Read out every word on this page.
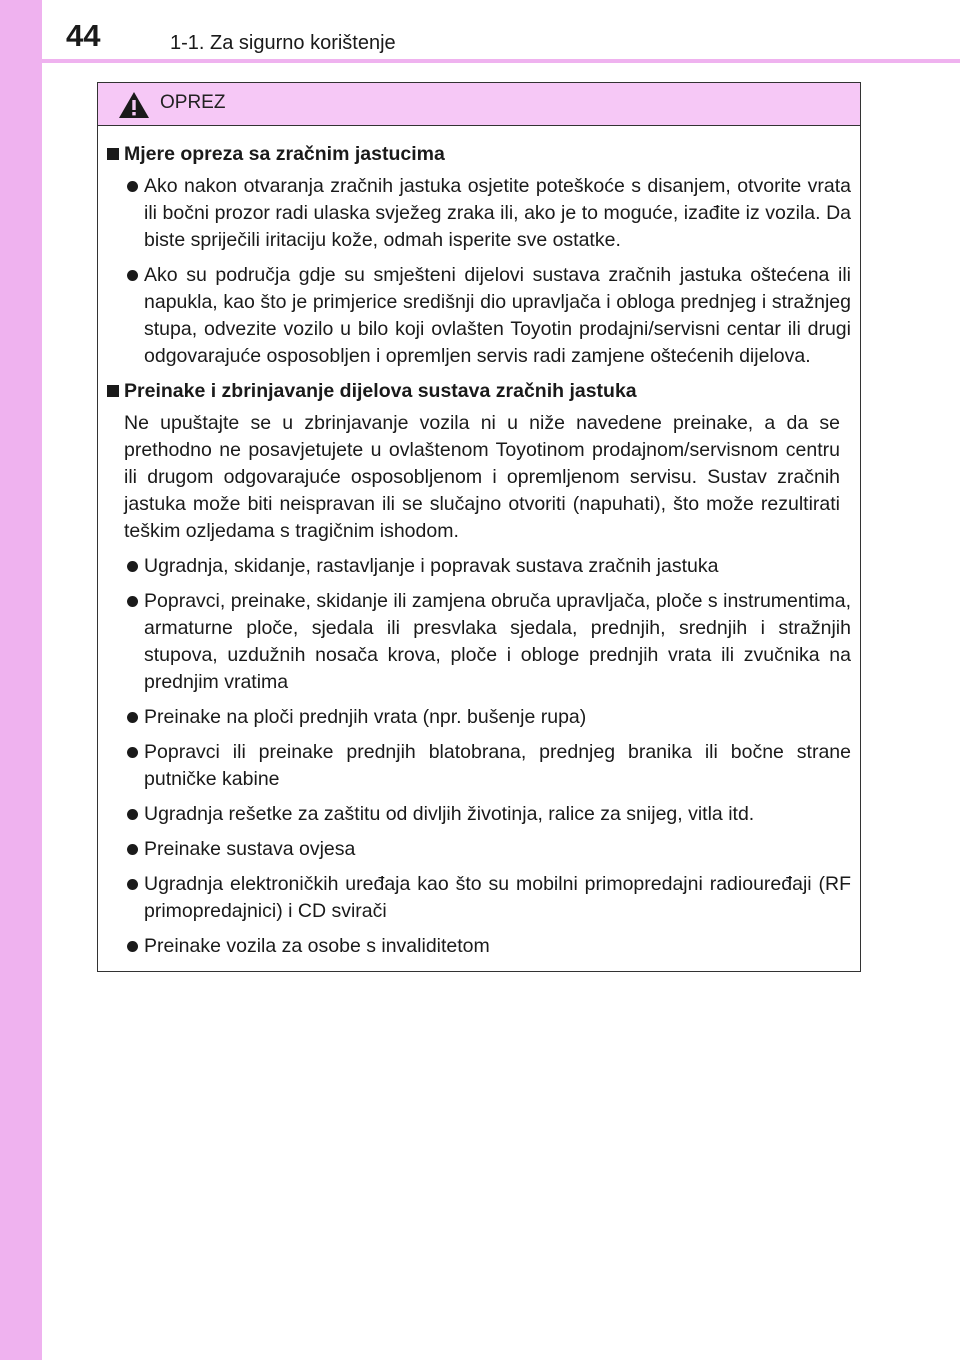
44	1-1. Za sigurno korištenje
OPREZ
Mjere opreza sa zračnim jastucima
Ako nakon otvaranja zračnih jastuka osjetite poteškoće s disanjem, otvorite vrata ili bočni prozor radi ulaska svježeg zraka ili, ako je to moguće, izađite iz vozila. Da biste spriječili iritaciju kože, odmah isperite sve ostatke.
Ako su područja gdje su smješteni dijelovi sustava zračnih jastuka oštećena ili napukla, kao što je primjerice središnji dio upravljača i obloga prednjeg i stražnjeg stupa, odvezite vozilo u bilo koji ovlašten Toyotin prodajni/servisni centar ili drugi odgovarajuće osposobljen i opremljen servis radi zamjene oštećenih dijelova.
Preinake i zbrinjavanje dijelova sustava zračnih jastuka
Ne upuštajte se u zbrinjavanje vozila ni u niže navedene preinake, a da se prethodno ne posavjetujete u ovlaštenom Toyotinom prodajnom/servisnom centru ili drugom odgovarajuće osposobljenom i opremljenom servisu. Sustav zračnih jastuka može biti neispravan ili se slučajno otvoriti (napuhati), što može rezultirati teškim ozljedama s tragičnim ishodom.
Ugradnja, skidanje, rastavljanje i popravak sustava zračnih jastuka
Popravci, preinake, skidanje ili zamjena obruča upravljača, ploče s instrumentima, armaturne ploče, sjedala ili presvlaka sjedala, prednjih, srednjih i stražnjih stupova, uzdužnih nosača krova, ploče i obloge prednjih vrata ili zvučnika na prednjim vratima
Preinake na ploči prednjih vrata (npr. bušenje rupa)
Popravci ili preinake prednjih blatobrana, prednjeg branika ili bočne strane putničke kabine
Ugradnja rešetke za zaštitu od divljih životinja, ralice za snijeg, vitla itd.
Preinake sustava ovjesa
Ugradnja elektroničkih uređaja kao što su mobilni primopredajni radiouređaji (RF primopredajnici) i CD svirači
Preinake vozila za osobe s invaliditetom
